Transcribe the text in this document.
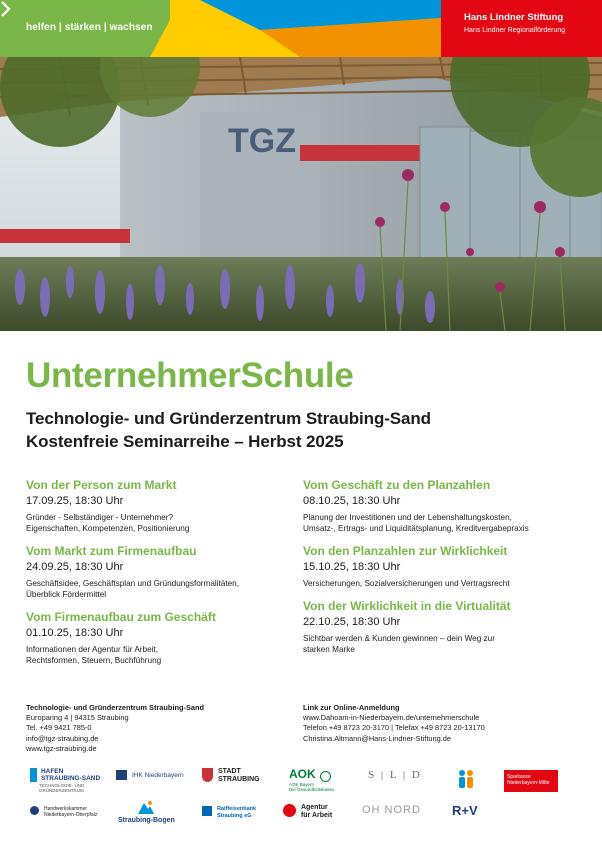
helfen | stärken | wachsen
Hans Lindner Stiftung
Hans Lindner Regionalförderung
TGZ
UnternehmerSchule
Technologie- und Gründerzentrum Straubing-Sand
Kostenfreie Seminarreihe – Herbst 2025
Von der Person zum Markt
17.09.25, 18:30 Uhr
Gründer - Selbständiger - Unternehmer?
Eigenschaften, Kompetenzen, Positionierung
Vom Markt zum Firmenaufbau
24.09.25, 18:30 Uhr
Geschäftsidee, Geschäftsplan und Gründungsformalitäten,
Überblick Fördermittel
Vom Firmenaufbau zum Geschäft
01.10.25, 18:30 Uhr
Informationen der Agentur für Arbeit,
Rechtsformen, Steuern, Buchführung
Vom Geschäft zu den Planzahlen
08.10.25, 18:30 Uhr
Planung der Investitionen und der Lebenshaltungskosten,
Umsatz-, Ertrags- und Liquiditätsplanung, Kreditvergabepraxis
Von den Planzahlen zur Wirklichkeit
15.10.25, 18:30 Uhr
Versicherungen, Sozialversicherungen und Vertragsrecht
Von der Wirklichkeit in die Virtualität
22.10.25, 18:30 Uhr
Sichtbar werden & Kunden gewinnen – dein Weg zur
starken Marke
Technologie- und Gründerzentrum Straubing-Sand
Europaring 4 | 94315 Straubing
Tel. +49 9421 785-0
info@tgz-straubing.de
www.tgz-straubing.de
Link zur Online-Anmeldung
www.Dahoam-in-Niederbayern.de/unternehmerschule
Telefon +49 8723 20-3170 | Telefax +49 8723 20-13170
Christina.Altmann@Hans-Lindner-Stiftung.de
HAFEN
STRAUBING-SAND
TECHNOLOGIE- UND
GRÜNDERZENTRUM
IHK Niederbayern
STADT
STRAUBING AOK
AOK Bayern
Die Gesundheitskasse.
S | L | D	Sparkasse
Niederbayern-Mitte
Handwerkskammer
Niederbayern-Oberpfalz
Straubing-Bogen
Raiffeisenbank
Straubing eG
Agentur
für Arbeit	OH NORD R+V
